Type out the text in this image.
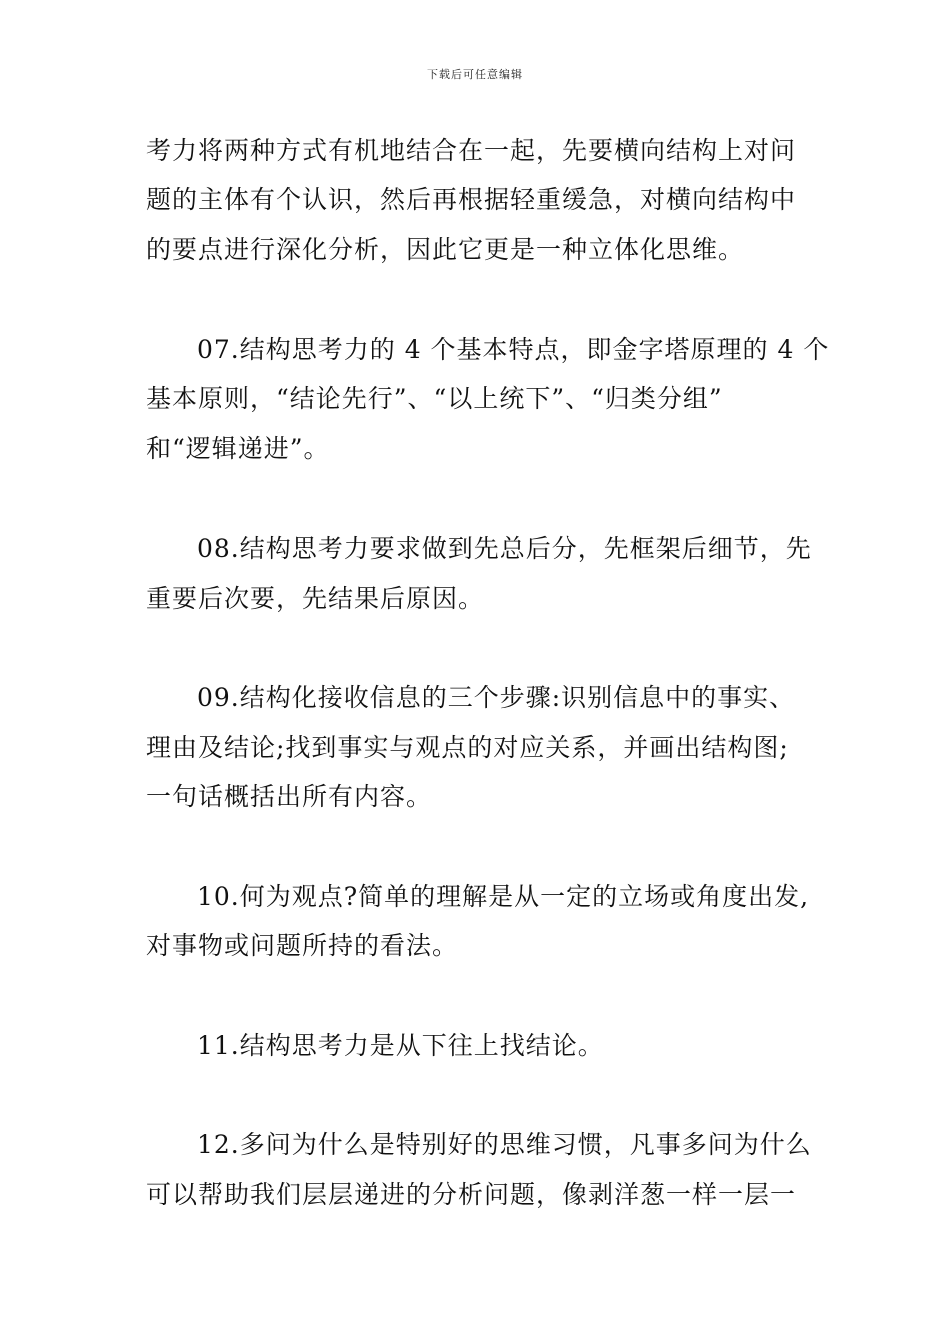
下载后可任意编辑
考力将两种方式有机地结合在一起，先要横向结构上对问
题的主体有个认识，然后再根据轻重缓急，对横向结构中
的要点进行深化分析，因此它更是一种立体化思维。
07.结构思考力的 4 个基本特点，即金字塔原理的 4 个
基本原则，“结论先行”、“以上统下”、“归类分组”
和“逻辑递进”。
08.结构思考力要求做到先总后分，先框架后细节，先
重要后次要，先结果后原因。
09.结构化接收信息的三个步骤:识别信息中的事实、
理由及结论;找到事实与观点的对应关系，并画出结构图;
一句话概括出所有内容。
10.何为观点?简单的理解是从一定的立场或角度出发,
对事物或问题所持的看法。
11.结构思考力是从下往上找结论。
12.多问为什么是特别好的思维习惯，凡事多问为什么
可以帮助我们层层递进的分析问题，像剥洋葱一样一层一
